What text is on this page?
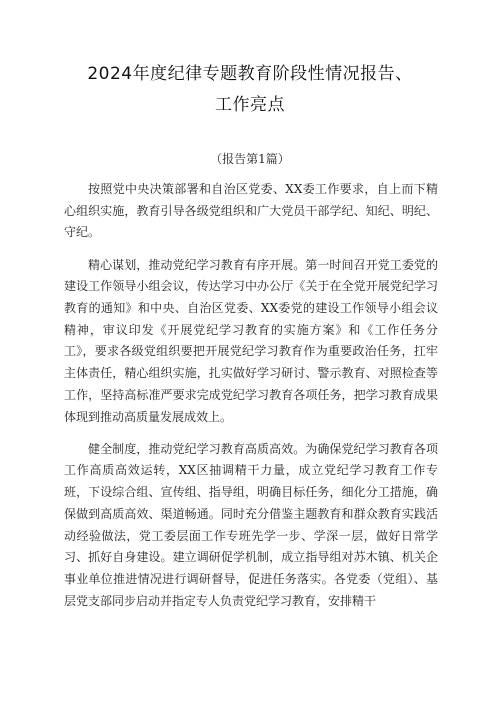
2024年度纪律专题教育阶段性情况报告、
工作亮点
（报告第1篇）

按照党中央决策部署和自治区党委、XX委工作要求，自上而下精心组织实施，教育引导各级党组织和广大党员干部学纪、知纪、明纪、守纪。

精心谋划，推动党纪学习教育有序开展。第一时间召开党工委党的建设工作领导小组会议，传达学习中办公厅《关于在全党开展党纪学习教育的通知》和中央、自治区党委、XX委党的建设工作领导小组会议精神，审议印发《开展党纪学习教育的实施方案》和《工作任务分工》，要求各级党组织要把开展党纪学习教育作为重要政治任务，扛牢主体责任，精心组织实施，扎实做好学习研讨、警示教育、对照检查等工作，坚持高标准严要求完成党纪学习教育各项任务，把学习教育成果体现到推动高质量发展成效上。

健全制度，推动党纪学习教育高质高效。为确保党纪学习教育各项工作高质高效运转，XX区抽调精干力量，成立党纪学习教育工作专班，下设综合组、宣传组、指导组，明确目标任务，细化分工措施，确保做到高质高效、渠道畅通。同时充分借鉴主题教育和群众教育实践活动经验做法，党工委层面工作专班先学一步、学深一层，做好日常学习、抓好自身建设。建立调研促学机制，成立指导组对苏木镇、机关企事业单位推进情况进行调研督导，促进任务落实。各党委（党组）、基层党支部同步启动并指定专人负责党纪学习教育，安排精干
